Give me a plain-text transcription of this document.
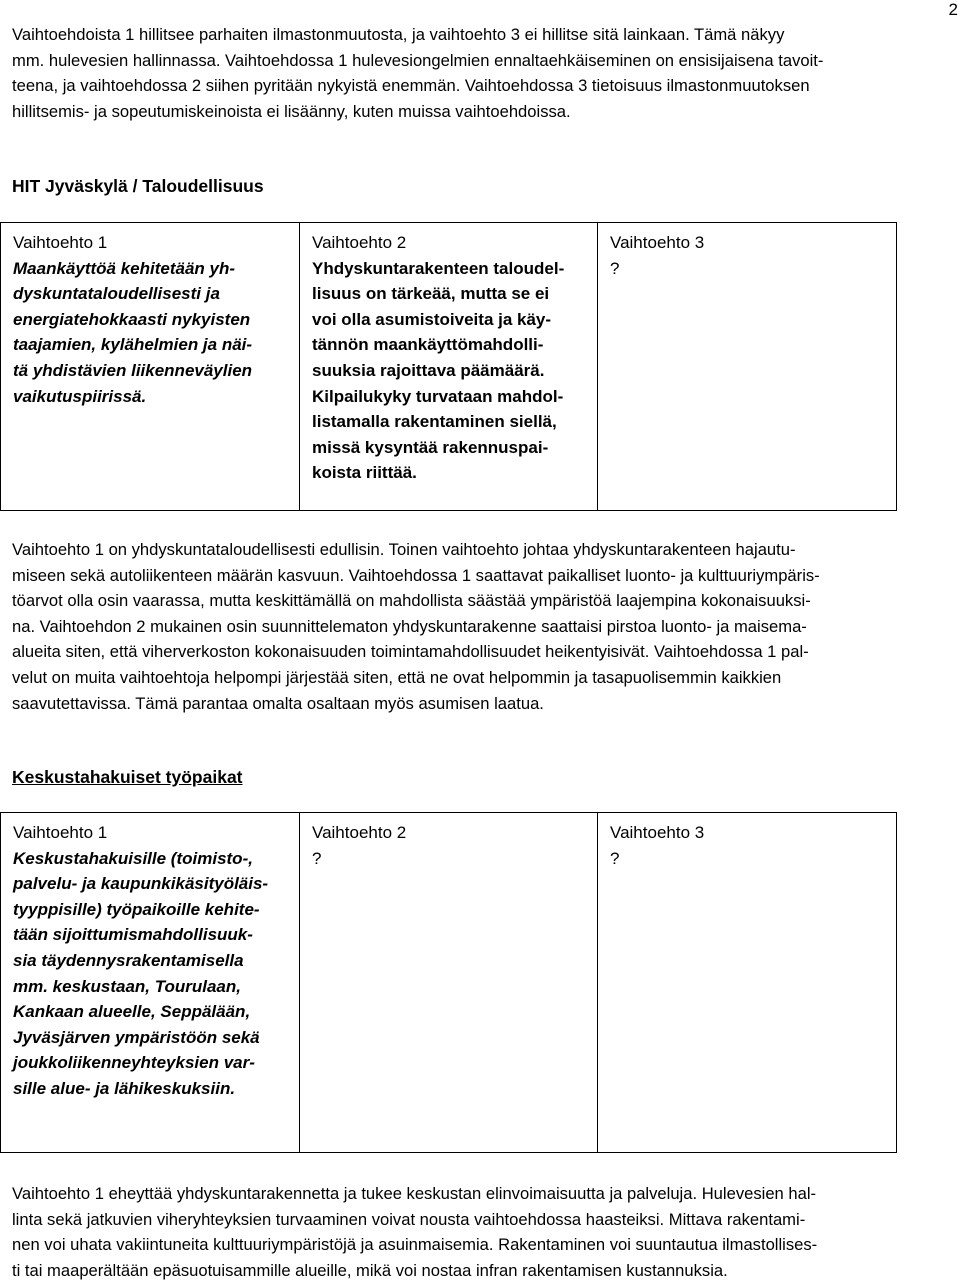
2
Vaihtoehdoista 1 hillitsee parhaiten ilmastonmuutosta, ja vaihtoehto 3 ei hillitse sitä lainkaan. Tämä näkyy
mm. hulevesien hallinnassa. Vaihtoehdossa 1 hulevesiongelmien ennaltaehkäiseminen on ensisijaisena tavoit-
teena, ja vaihtoehdossa 2 siihen pyritään nykyistä enemmän. Vaihtoehdossa 3 tietoisuus ilmastonmuutoksen
hillitsemis- ja sopeutumiskeinoista ei lisäänny, kuten muissa vaihtoehdoissa.
HIT Jyväskylä / Taloudellisuus
Vaihtoehto 1
Maankäyttöä kehitetään yh-
dyskuntataloudellisesti ja
energiatehokkaasti nykyisten
taajamien, kylähelmien ja näi-
tä yhdistävien liikenneväylien
vaikutuspiirissä.

Vaihtoehto 2
Yhdyskuntarakenteen taloudel-
lisuus on tärkeää, mutta se ei
voi olla asumistoiveita ja käy-
tännön maankäyttömahdolli-
suuksia rajoittava päämäärä.
Kilpailukyky turvataan mahdol-
listamalla rakentaminen siellä,
missä kysyntää rakennuspai-
koista riittää.

Vaihtoehto 3
?
Vaihtoehto 1 on yhdyskuntataloudellisesti edullisin. Toinen vaihtoehto johtaa yhdyskuntarakenteen hajautu-
miseen sekä autoliikenteen määrän kasvuun. Vaihtoehdossa 1 saattavat paikalliset luonto- ja kulttuuriympäris-
töarvot olla osin vaarassa, mutta keskittämällä on mahdollista säästää ympäristöä laajempina kokonaisuuksi-
na. Vaihtoehdon 2 mukainen osin suunnittelematon yhdyskuntarakenne saattaisi pirstoa luonto- ja maisema-
alueita siten, että viherverkoston kokonaisuuden toimintamahdollisuudet heikentyisivät. Vaihtoehdossa 1 pal-
velut on muita vaihtoehtoja helpompi järjestää siten, että ne ovat helpommin ja tasapuolisemmin kaikkien
saavutettavissa. Tämä parantaa omalta osaltaan myös asumisen laatua.
Keskustahakuiset työpaikat
Vaihtoehto 1
Keskustahakuisille (toimisto-,
palvelu- ja kaupunkikäsityöläis-
tyyppisille) työpaikoille kehite-
tään sijoittumismahdollisuuk-
sia täydennysrakentamisella
mm. keskustaan, Tourulaan,
Kankaan alueelle, Seppälään,
Jyväsjärven ympäristöön sekä
joukkoliikenneyhteyksien var-
sille alue- ja lähikeskuksiin.

Vaihtoehto 2
?

Vaihtoehto 3
?
Vaihtoehto 1 eheyttää yhdyskuntarakennetta ja tukee keskustan elinvoimaisuutta ja palveluja. Hulevesien hal-
linta sekä jatkuvien viheryhteyksien turvaaminen voivat nousta vaihtoehdossa haasteiksi. Mittava rakentami-
nen voi uhata vakiintuneita kulttuuriympäristöjä ja asuinmaisemia. Rakentaminen voi suuntautua ilmastollises-
ti tai maaperältään epäsuotuisammille alueille, mikä voi nostaa infran rakentamisen kustannuksia.
